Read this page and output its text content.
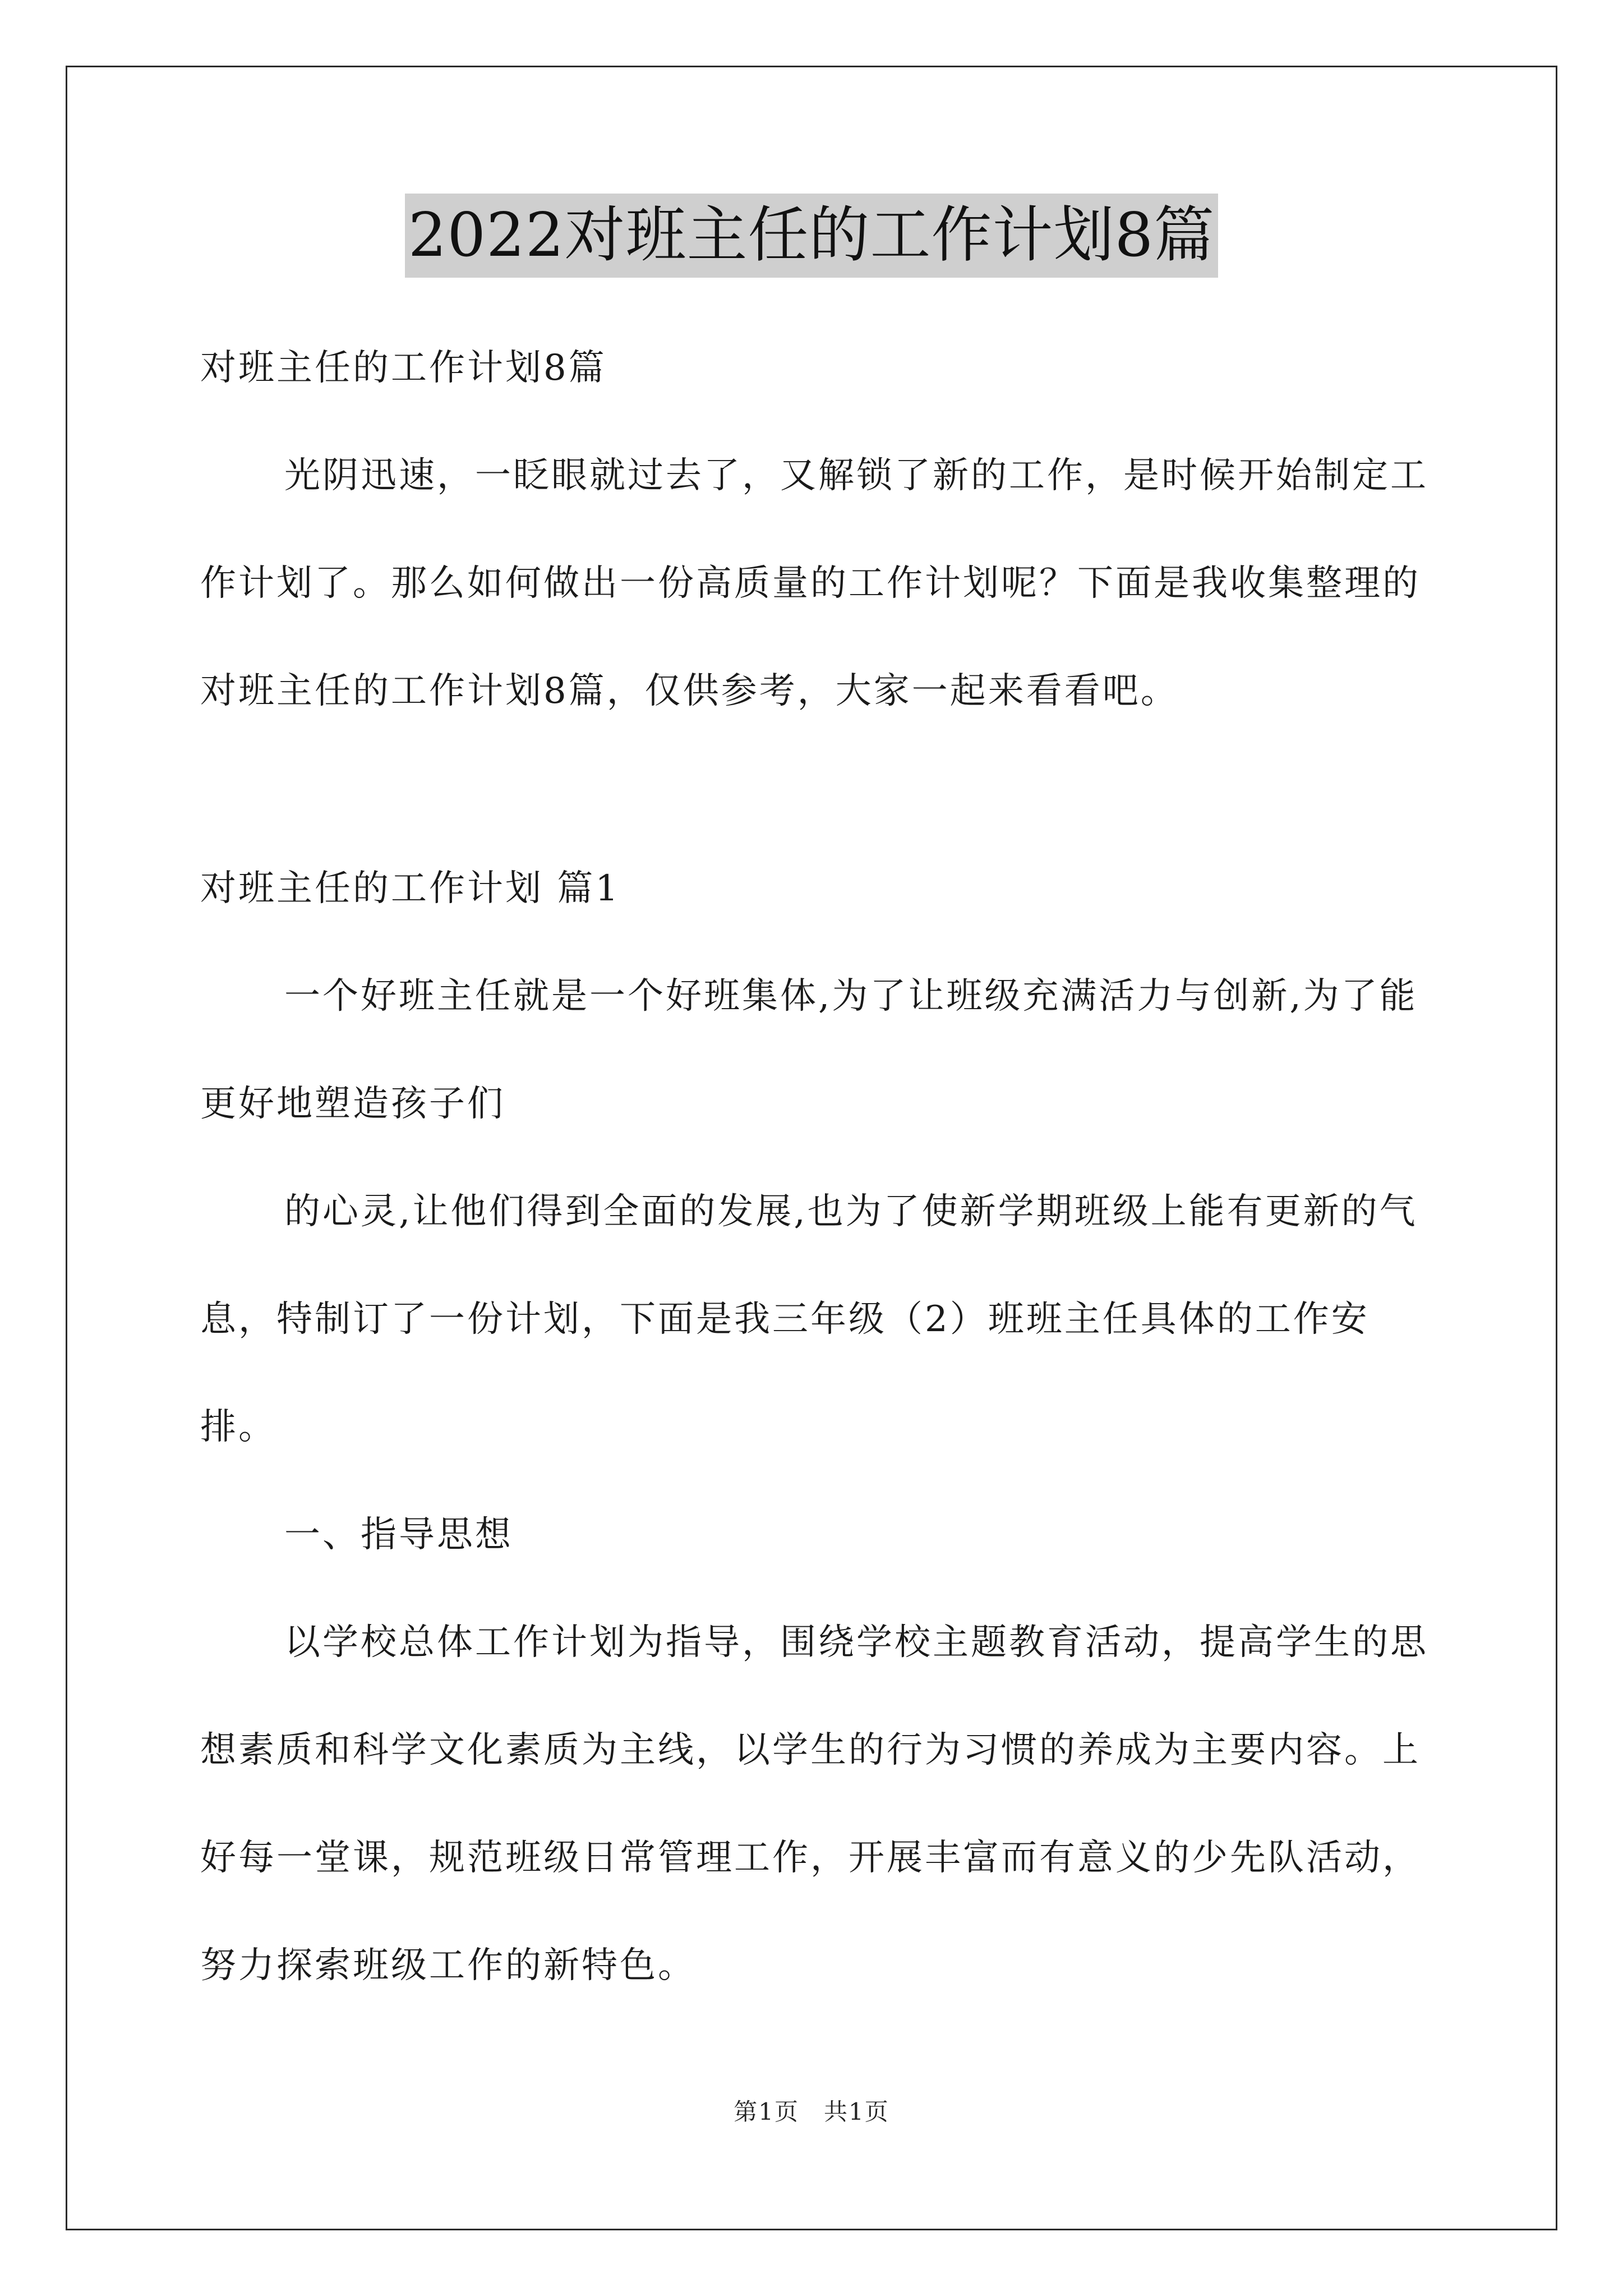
2022对班主任的工作计划8篇

对班主任的工作计划8篇

光阴迅速，一眨眼就过去了，又解锁了新的工作，是时候开始制定工作计划了。那么如何做出一份高质量的工作计划呢？下面是我收集整理的对班主任的工作计划8篇，仅供参考，大家一起来看看吧。

对班主任的工作计划 篇1

一个好班主任就是一个好班集体,为了让班级充满活力与创新,为了能更好地塑造孩子们

的心灵,让他们得到全面的发展,也为了使新学期班级上能有更新的气息，特制订了一份计划，下面是我三年级（2）班班主任具体的工作安排。

一、指导思想

以学校总体工作计划为指导，围绕学校主题教育活动，提高学生的思想素质和科学文化素质为主线，以学生的行为习惯的养成为主要内容。上好每一堂课，规范班级日常管理工作，开展丰富而有意义的少先队活动，努力探索班级工作的新特色。

第1页　共1页
